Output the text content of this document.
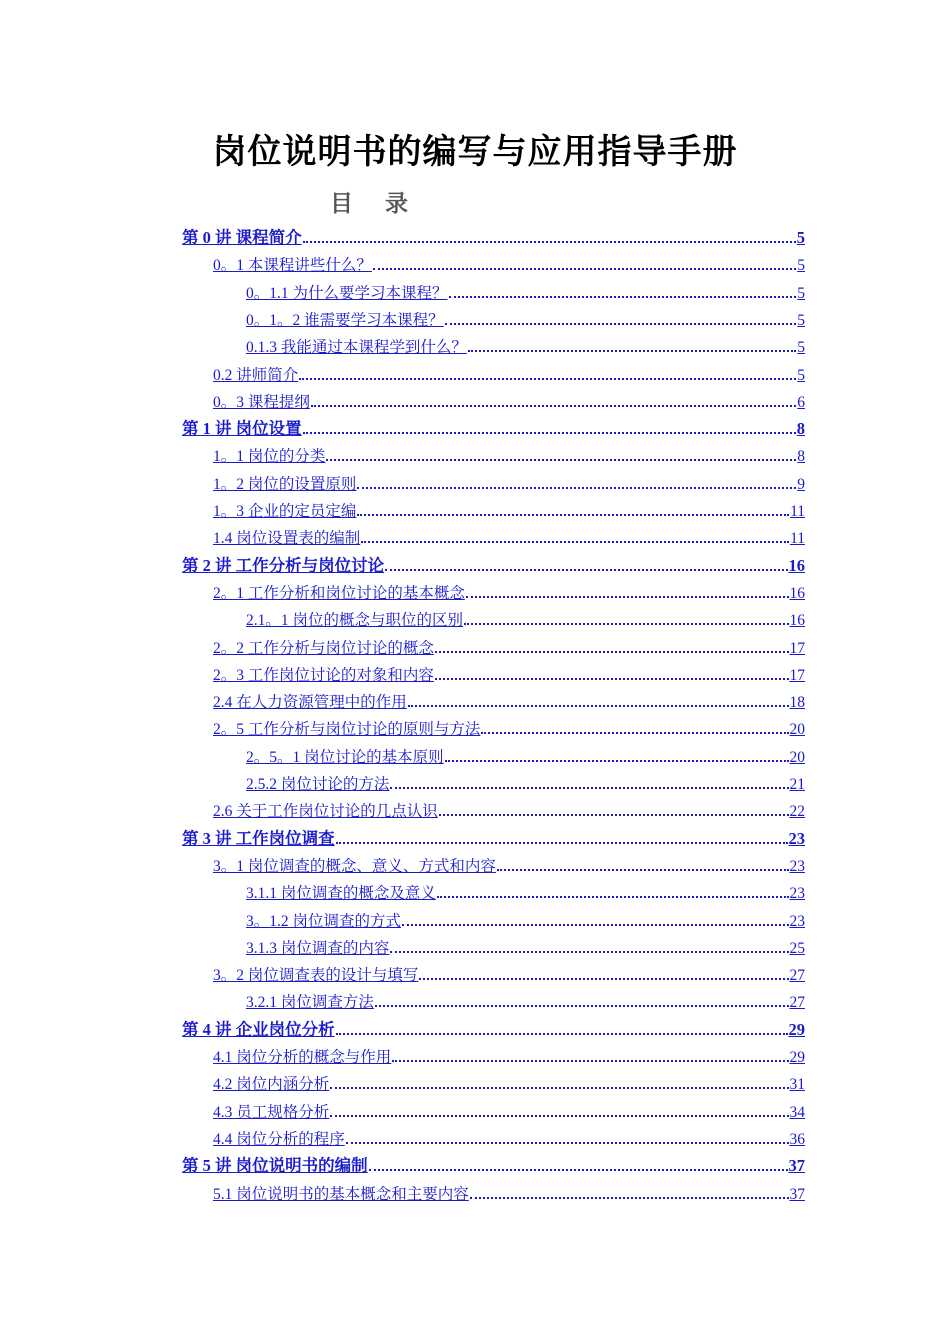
岗位说明书的编写与应用指导手册
目 录
第 0 讲 课程简介	5
0。1 本课程讲些什么？	5
0。1.1 为什么要学习本课程？	5
0。1。2 谁需要学习本课程？	5
0.1.3 我能通过本课程学到什么？	5
0.2 讲师简介	5
0。3 课程提纲	6
第 1 讲 岗位设置	8
1。1 岗位的分类	8
1。2 岗位的设置原则	9
1。3 企业的定员定编	11
1.4 岗位设置表的编制	11
第 2 讲 工作分析与岗位讨论	16
2。1 工作分析和岗位讨论的基本概念	16
2.1。1 岗位的概念与职位的区别	16
2。2 工作分析与岗位讨论的概念	17
2。3 工作岗位讨论的对象和内容	17
2.4 在人力资源管理中的作用	18
2。5 工作分析与岗位讨论的原则与方法	20
2。5。1 岗位讨论的基本原则	20
2.5.2 岗位讨论的方法	21
2.6 关于工作岗位讨论的几点认识	22
第 3 讲 工作岗位调查	23
3。1 岗位调查的概念、意义、方式和内容	23
3.1.1 岗位调查的概念及意义	23
3。1.2 岗位调查的方式	23
3.1.3 岗位调查的内容	25
3。2 岗位调查表的设计与填写	27
3.2.1 岗位调查方法	27
第 4 讲 企业岗位分析	29
4.1 岗位分析的概念与作用	29
4.2 岗位内涵分析	31
4.3 员工规格分析	34
4.4 岗位分析的程序	36
第 5 讲 岗位说明书的编制	37
5.1 岗位说明书的基本概念和主要内容	37
